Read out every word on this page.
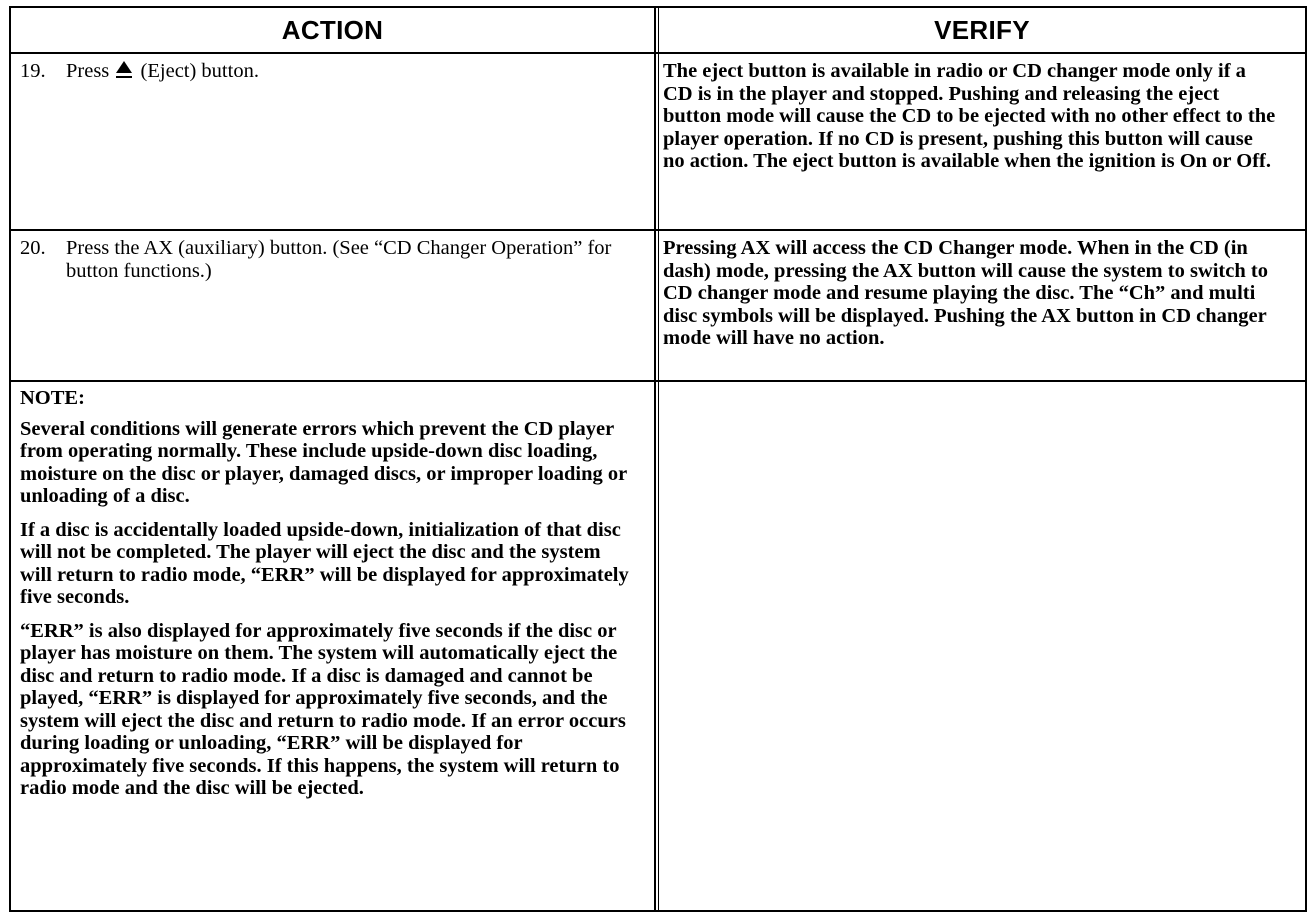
ACTION	VERIFY
19. Press (Eject) button.	The eject button is available in radio or CD changer mode only if a CD is in the player and stopped. Pushing and releasing the eject button mode will cause the CD to be ejected with no other effect to the player operation. If no CD is present, pushing this button will cause no action. The eject button is available when the ignition is On or Off.
20. Press the AX (auxiliary) button. (See “CD Changer Operation” for button functions.)
Pressing AX will access the CD Changer mode. When in the CD (in dash) mode, pressing the AX button will cause the system to switch to CD changer mode and resume playing the disc. The “Ch” and multi disc symbols will be displayed. Pushing the AX button in CD changer mode will have no action.
NOTE:

Several conditions will generate errors which prevent the CD player from operating normally. These include upside-down disc loading, moisture on the disc or player, damaged discs, or improper loading or unloading of a disc.

If a disc is accidentally loaded upside-down, initialization of that disc will not be completed. The player will eject the disc and the system will return to radio mode, “ERR” will be displayed for approximately five seconds.

“ERR” is also displayed for approximately five seconds if the disc or player has moisture on them. The system will automatically eject the disc and return to radio mode. If a disc is damaged and cannot be played, “ERR” is displayed for approximately five seconds, and the system will eject the disc and return to radio mode. If an error occurs during loading or unloading, “ERR” will be displayed for approximately five seconds. If this happens, the system will return to radio mode and the disc will be ejected.
